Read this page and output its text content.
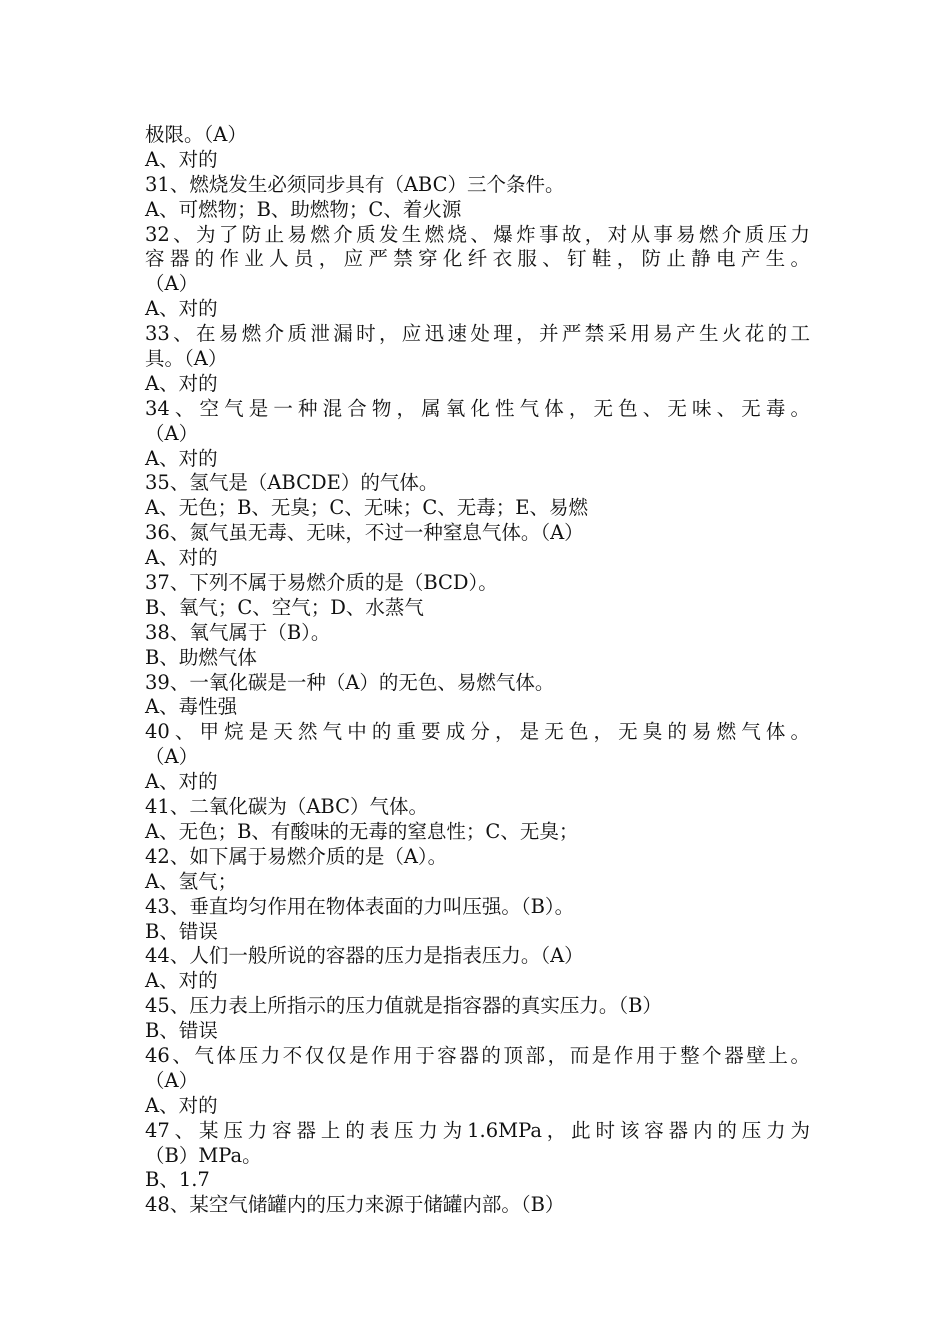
极限。（A）
A、对的
31、燃烧发生必须同步具有（ABC）三个条件。
A、可燃物；B、助燃物；C、着火源
32、为了防止易燃介质发生燃烧、爆炸事故，对从事易燃介质压力
容器的作业人员，应严禁穿化纤衣服、钉鞋，防止静电产生。
（A）
A、对的
33、在易燃介质泄漏时，应迅速处理，并严禁采用易产生火花的工
具。（A）
A、对的
34、空气是一种混合物，属氧化性气体，无色、无味、无毒。
（A）
A、对的
35、氢气是（ABCDE）的气体。
A、无色；B、无臭；C、无味；C、无毒；E、易燃
36、氮气虽无毒、无味，不过一种窒息气体。（A）
A、对的
37、下列不属于易燃介质的是（BCD）。
B、氧气；C、空气；D、水蒸气
38、氧气属于（B）。
B、助燃气体
39、一氧化碳是一种（A）的无色、易燃气体。
A、毒性强
40、甲烷是天然气中的重要成分，是无色，无臭的易燃气体。
（A）
A、对的
41、二氧化碳为（ABC）气体。
A、无色；B、有酸味的无毒的窒息性；C、无臭；
42、如下属于易燃介质的是（A）。
A、氢气；
43、垂直均匀作用在物体表面的力叫压强。（B）。
B、错误
44、人们一般所说的容器的压力是指表压力。（A）
A、对的
45、压力表上所指示的压力值就是指容器的真实压力。（B）
B、错误
46、气体压力不仅仅是作用于容器的顶部，而是作用于整个器壁上。
（A）
A、对的
47、某压力容器上的表压力为1.6MPa，此时该容器内的压力为
（B）MPa。
B、1.7
48、某空气储罐内的压力来源于储罐内部。（B）
